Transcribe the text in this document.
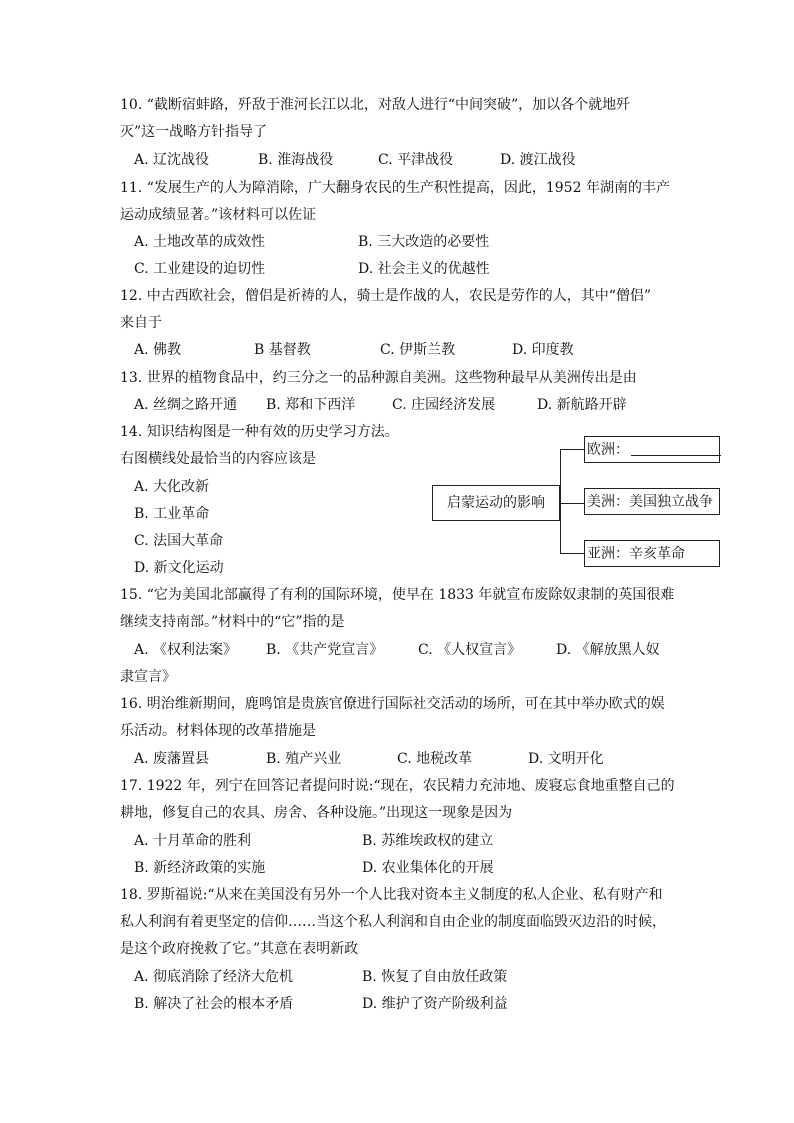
10. “截断宿蚌路，歼敌于淮河长江以北，对敌人进行“中间突破”，加以各个就地歼
灭”这一战略方针指导了
A. 辽沈战役	B. 淮海战役	C. 平津战役	D. 渡江战役
11. “发展生产的人为障消除，广大翻身农民的生产积性提高，因此，1952 年湖南的丰产
运动成绩显著。”该材料可以佐证
A. 土地改革的成效性	B. 三大改造的必要性
C. 工业建设的迫切性	D. 社会主义的优越性
12. 中古西欧社会，僧侣是祈祷的人，骑士是作战的人，农民是劳作的人，其中“僧侣”
来自于
A. 佛教	B 基督教	C. 伊斯兰教	D. 印度教
13. 世界的植物食品中，约三分之一的品种源自美洲。这些物种最早从美洲传出是由
A. 丝绸之路开通 B. 郑和下西洋	C. 庄园经济发展	D. 新航路开辟
14. 知识结构图是一种有效的历史学习方法。
右图横线处最恰当的内容应该是
A. 大化改新
B. 工业革命
C. 法国大革命
D. 新文化运动
启蒙运动的影响
欧洲：
美洲：美国独立战争
亚洲：辛亥革命
15. “它为美国北部赢得了有利的国际环境，使早在 1833 年就宣布废除奴隶制的英国很难
继续支持南部。”材料中的“它”指的是
A. 《权利法案》 B. 《共产党宣言》 C. 《人权宣言》 D. 《解放黑人奴
隶宣言》
16. 明治维新期间，鹿鸣馆是贵族官僚进行国际社交活动的场所，可在其中举办欧式的娱
乐活动。材料体现的改革措施是
A. 废藩置县	B. 殖产兴业	C. 地税改革	D. 文明开化
17. 1922 年，列宁在回答记者提问时说:“现在，农民精力充沛地、废寝忘食地重整自己的
耕地，修复自己的农具、房舍、各种设施。”出现这一现象是因为
A. 十月革命的胜利	B. 苏维埃政权的建立
B. 新经济政策的实施	D. 农业集体化的开展
18. 罗斯福说:“从来在美国没有另外一个人比我对资本主义制度的私人企业、私有财产和
私人利润有着更坚定的信仰……当这个私人利润和自由企业的制度面临毁灭边沿的时候，
是这个政府挽救了它。”其意在表明新政
A. 彻底消除了经济大危机	B. 恢复了自由放任政策
B. 解决了社会的根本矛盾	D. 维护了资产阶级利益
